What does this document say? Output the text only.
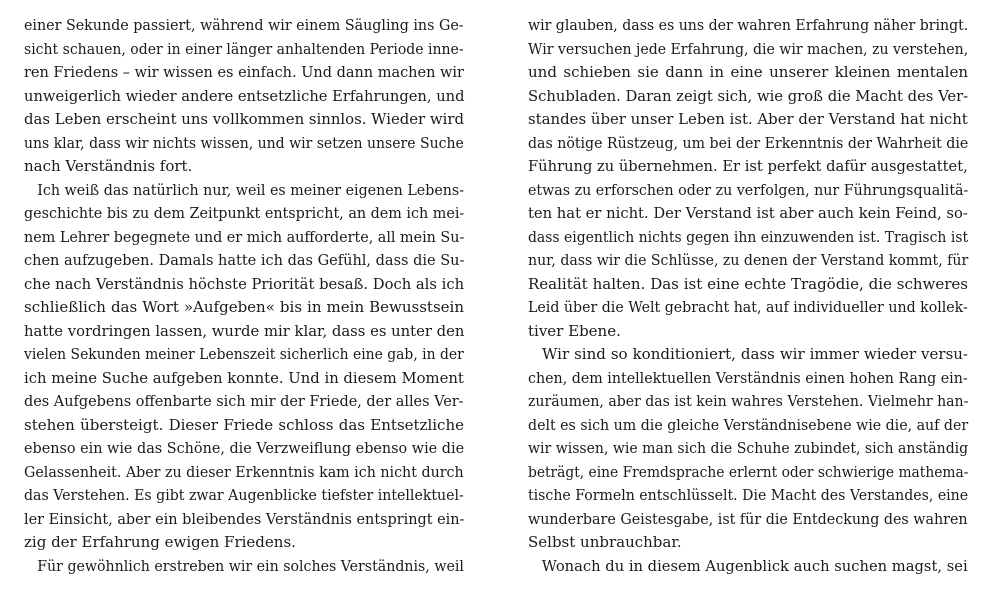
einer Sekunde passiert, während wir einem Säugling ins Ge-
sicht schauen, oder in einer länger anhaltenden Periode inne-
ren Friedens – wir wissen es einfach. Und dann machen wir
unweigerlich wieder andere entsetzliche Erfahrungen, und
das Leben erscheint uns vollkommen sinnlos. Wieder wird
uns klar, dass wir nichts wissen, und wir setzen unsere Suche
nach Verständnis fort.
Ich weiß das natürlich nur, weil es meiner eigenen Lebens-
geschichte bis zu dem Zeitpunkt entspricht, an dem ich mei-
nem Lehrer begegnete und er mich aufforderte, all mein Su-
chen aufzugeben. Damals hatte ich das Gefühl, dass die Su-
che nach Verständnis höchste Priorität besaß. Doch als ich
schließlich das Wort »Aufgeben« bis in mein Bewusstsein
hatte vordringen lassen, wurde mir klar, dass es unter den
vielen Sekunden meiner Lebenszeit sicherlich eine gab, in der
ich meine Suche aufgeben konnte. Und in diesem Moment
des Aufgebens offenbarte sich mir der Friede, der alles Ver-
stehen übersteigt. Dieser Friede schloss das Entsetzliche
ebenso ein wie das Schöne, die Verzweiflung ebenso wie die
Gelassenheit. Aber zu dieser Erkenntnis kam ich nicht durch
das Verstehen. Es gibt zwar Augenblicke tiefster intellektuel-
ler Einsicht, aber ein bleibendes Verständnis entspringt ein-
zig der Erfahrung ewigen Friedens.
Für gewöhnlich erstreben wir ein solches Verständnis, weil
wir glauben, dass es uns der wahren Erfahrung näher bringt.
Wir versuchen jede Erfahrung, die wir machen, zu verstehen,
und schieben sie dann in eine unserer kleinen mentalen
Schubladen. Daran zeigt sich, wie groß die Macht des Ver-
standes über unser Leben ist. Aber der Verstand hat nicht
das nötige Rüstzeug, um bei der Erkenntnis der Wahrheit die
Führung zu übernehmen. Er ist perfekt dafür ausgestattet,
etwas zu erforschen oder zu verfolgen, nur Führungsqualitä-
ten hat er nicht. Der Verstand ist aber auch kein Feind, so-
dass eigentlich nichts gegen ihn einzuwenden ist. Tragisch ist
nur, dass wir die Schlüsse, zu denen der Verstand kommt, für
Realität halten. Das ist eine echte Tragödie, die schweres
Leid über die Welt gebracht hat, auf individueller und kollek-
tiver Ebene.
Wir sind so konditioniert, dass wir immer wieder versu-
chen, dem intellektuellen Verständnis einen hohen Rang ein-
zuräumen, aber das ist kein wahres Verstehen. Vielmehr han-
delt es sich um die gleiche Verständnisebene wie die, auf der
wir wissen, wie man sich die Schuhe zubindet, sich anständig
beträgt, eine Fremdsprache erlernt oder schwierige mathema-
tische Formeln entschlüsselt. Die Macht des Verstandes, eine
wunderbare Geistesgabe, ist für die Entdeckung des wahren
Selbst unbrauchbar.
Wonach du in diesem Augenblick auch suchen magst, sei
